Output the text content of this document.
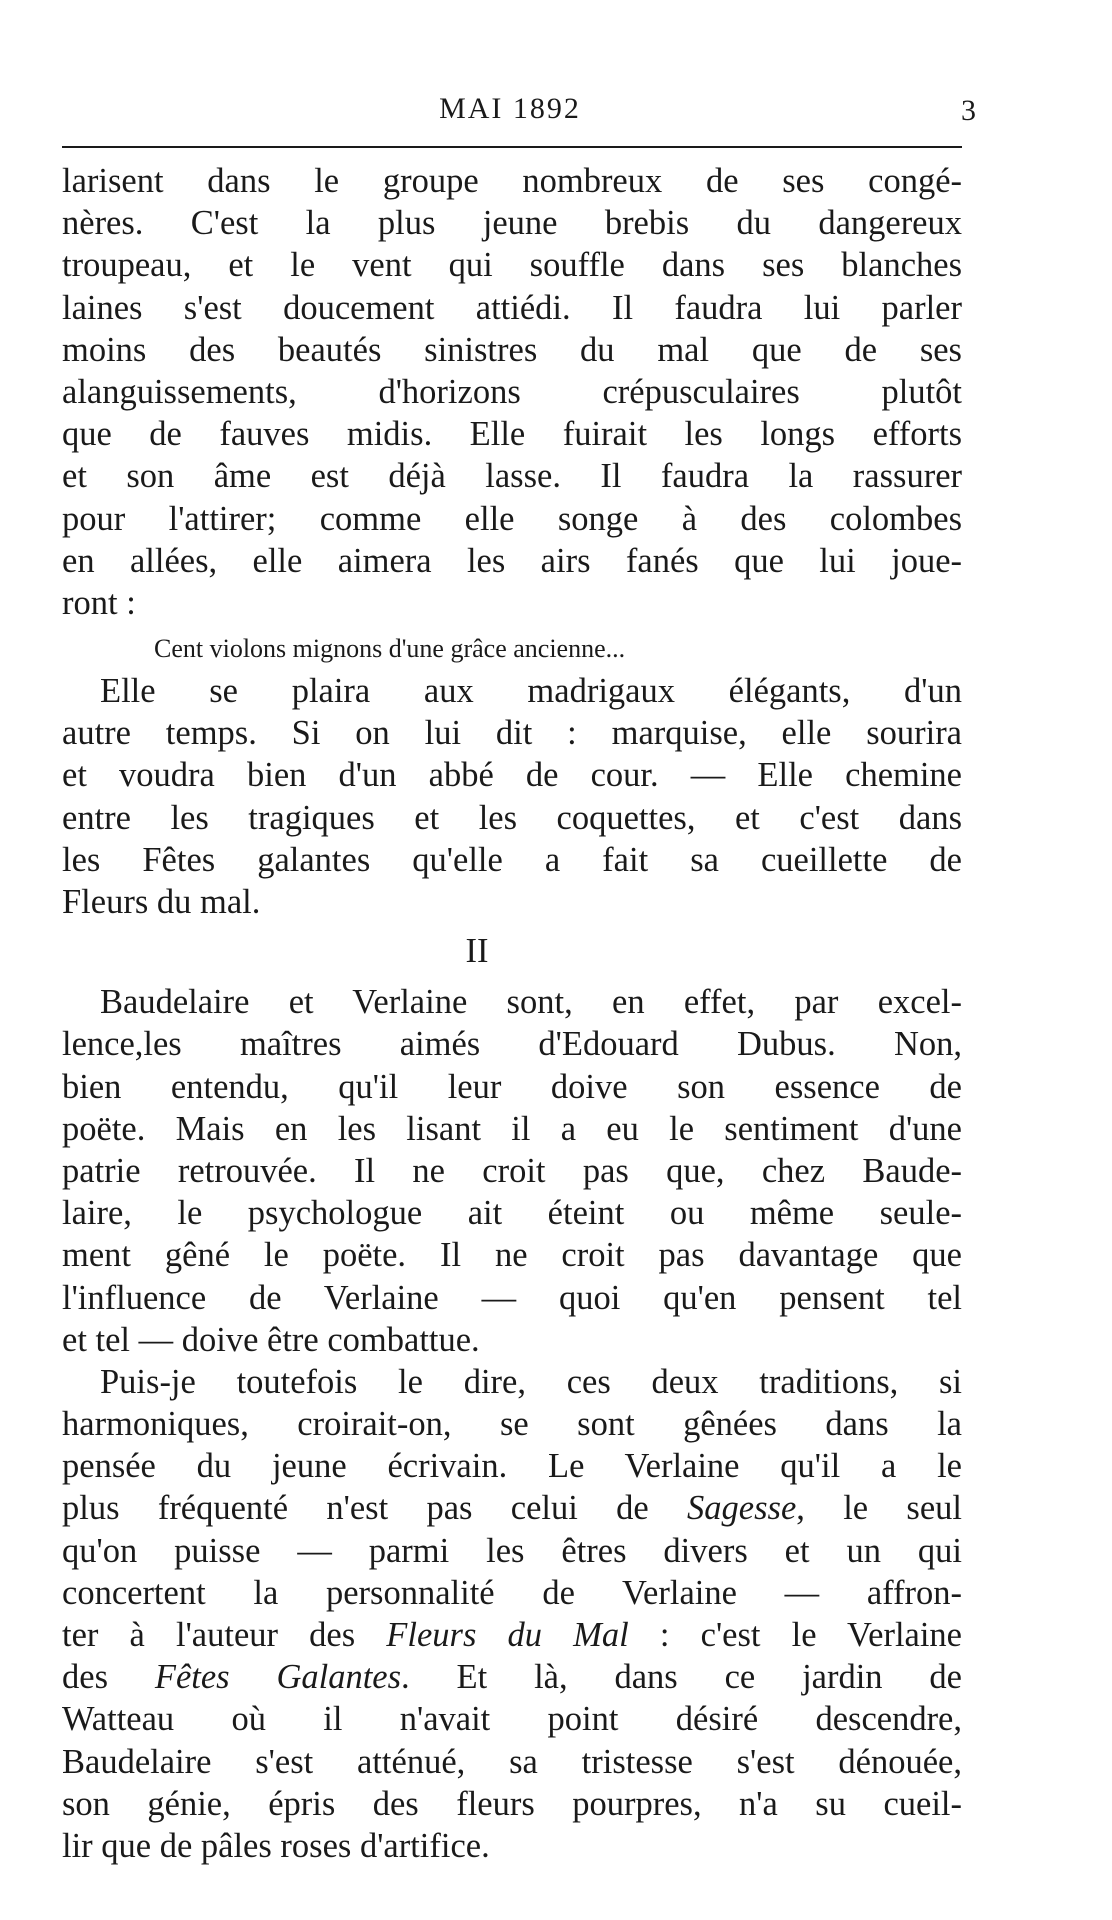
MAI 1892	3
larisent dans le groupe nombreux de ses congé-
nères. C'est la plus jeune brebis du dangereux
troupeau, et le vent qui souffle dans ses blanches
laines s'est doucement attiédi. Il faudra lui parler
moins des beautés sinistres du mal que de ses
alanguissements, d'horizons crépusculaires plutôt
que de fauves midis. Elle fuirait les longs efforts
et son âme est déjà lasse. Il faudra la rassurer
pour l'attirer; comme elle songe à des colombes
en allées, elle aimera les airs fanés que lui joue-
ront :
Cent violons mignons d'une grâce ancienne...
Elle se plaira aux madrigaux élégants, d'un
autre temps. Si on lui dit : marquise, elle sourira
et voudra bien d'un abbé de cour. — Elle chemine
entre les tragiques et les coquettes, et c'est dans
les Fêtes galantes qu'elle a fait sa cueillette de
Fleurs du mal.
II
Baudelaire et Verlaine sont, en effet, par excel-
lence,les maîtres aimés d'Edouard Dubus. Non,
bien entendu, qu'il leur doive son essence de
poëte. Mais en les lisant il a eu le sentiment d'une
patrie retrouvée. Il ne croit pas que, chez Baude-
laire, le psychologue ait éteint ou même seule-
ment gêné le poëte. Il ne croit pas davantage que
l'influence de Verlaine — quoi qu'en pensent tel
et tel — doive être combattue.
Puis-je toutefois le dire, ces deux traditions, si
harmoniques, croirait-on, se sont gênées dans la
pensée du jeune écrivain. Le Verlaine qu'il a le
plus fréquenté n'est pas celui de Sagesse, le seul
qu'on puisse — parmi les êtres divers et un qui
concertent la personnalité de Verlaine — affron-
ter à l'auteur des Fleurs du Mal : c'est le Verlaine
des Fêtes Galantes. Et là, dans ce jardin de
Watteau où il n'avait point désiré descendre,
Baudelaire s'est atténué, sa tristesse s'est dénouée,
son génie, épris des fleurs pourpres, n'a su cueil-
lir que de pâles roses d'artifice.
